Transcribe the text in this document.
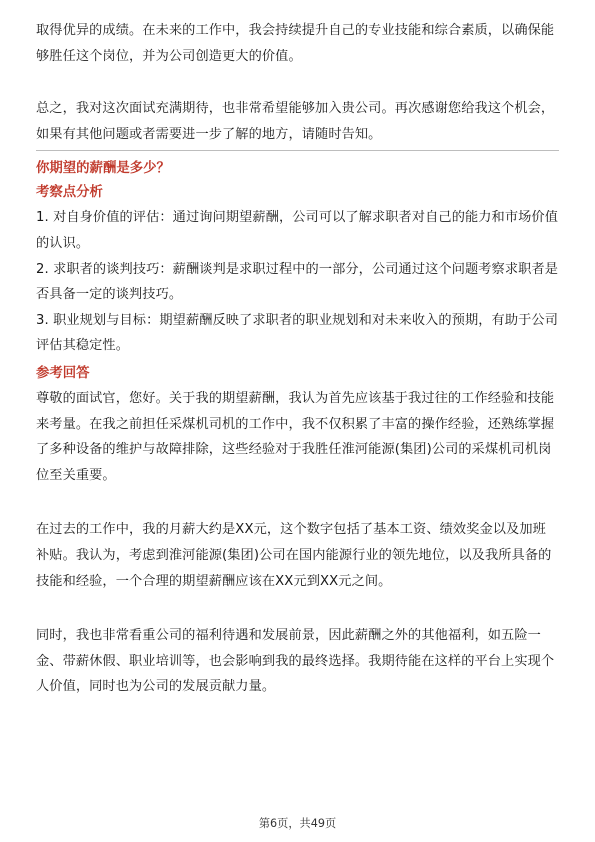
取得优异的成绩。在未来的工作中，我会持续提升自己的专业技能和综合素质，以确保能够胜任这个岗位，并为公司创造更大的价值。

总之，我对这次面试充满期待，也非常希望能够加入贵公司。再次感谢您给我这个机会，如果有其他问题或者需要进一步了解的地方，请随时告知。

你期望的薪酬是多少？
考察点分析

1. 对自身价值的评估：通过询问期望薪酬，公司可以了解求职者对自己的能力和市场价值的认识。

2. 求职者的谈判技巧：薪酬谈判是求职过程中的一部分，公司通过这个问题考察求职者是否具备一定的谈判技巧。

3. 职业规划与目标：期望薪酬反映了求职者的职业规划和对未来收入的预期，有助于公司评估其稳定性。

参考回答

尊敬的面试官，您好。关于我的期望薪酬，我认为首先应该基于我过往的工作经验和技能来考量。在我之前担任采煤机司机的工作中，我不仅积累了丰富的操作经验，还熟练掌握了多种设备的维护与故障排除，这些经验对于我胜任淮河能源(集团)公司的采煤机司机岗位至关重要。

在过去的工作中，我的月薪大约是XX元，这个数字包括了基本工资、绩效奖金以及加班补贴。我认为，考虑到淮河能源(集团)公司在国内能源行业的领先地位，以及我所具备的技能和经验，一个合理的期望薪酬应该在XX元到XX元之间。

同时，我也非常看重公司的福利待遇和发展前景，因此薪酬之外的其他福利，如五险一金、带薪休假、职业培训等，也会影响到我的最终选择。我期待能在这样的平台上实现个人价值，同时也为公司的发展贡献力量。

第6页，共49页
